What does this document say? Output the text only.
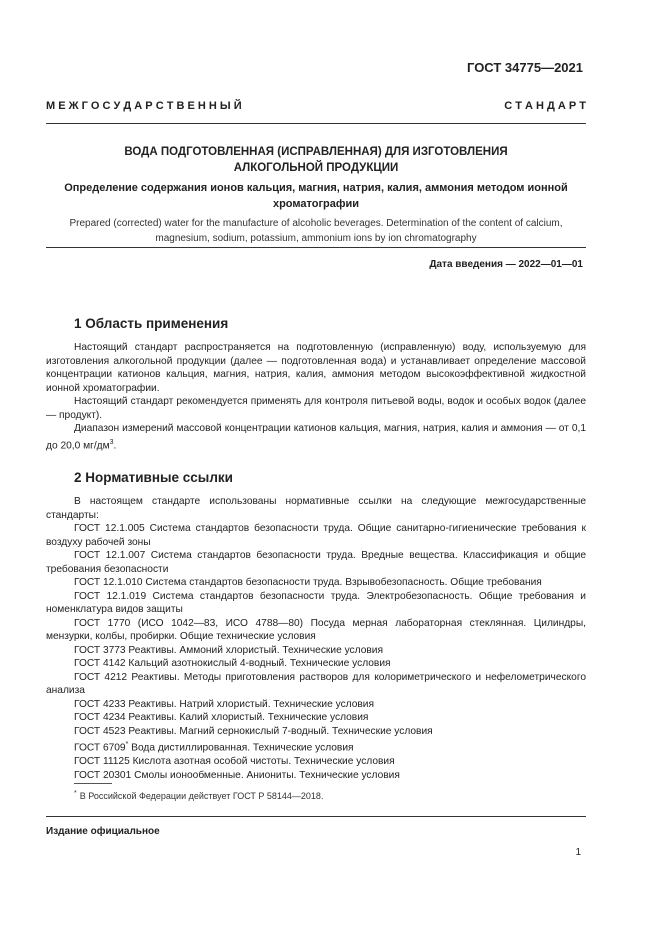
ГОСТ 34775—2021
М Е Ж Г О С У Д А Р С Т В Е Н Н Ы Й	С Т А Н Д А Р Т
ВОДА ПОДГОТОВЛЕННАЯ (ИСПРАВЛЕННАЯ) ДЛЯ ИЗГОТОВЛЕНИЯ
АЛКОГОЛЬНОЙ ПРОДУКЦИИ
Определение содержания ионов кальция, магния, натрия, калия, аммония методом ионной
хроматографии
Prepared (corrected) water for the manufacture of alcoholic beverages. Determination of the content of calcium,
magnesium, sodium, potassium, ammonium ions by ion chromatography
Дата введения — 2022—01—01
1 Область применения

Настоящий стандарт распространяется на подготовленную (исправленную) воду, используемую для изготовления алкогольной продукции (далее — подготовленная вода) и устанавливает определение массовой концентрации катионов кальция, магния, натрия, калия, аммония методом высокоэффективной жидкостной ионной хроматографии.

Настоящий стандарт рекомендуется применять для контроля питьевой воды, водок и особых водок (далее — продукт).

Диапазон измерений массовой концентрации катионов кальция, магния, натрия, калия и аммония — от 0,1 до 20,0 $мг/дм^3$.

2 Нормативные ссылки

В настоящем стандарте использованы нормативные ссылки на следующие межгосударственные стандарты:

ГОСТ 12.1.005 Система стандартов безопасности труда. Общие санитарно-гигиенические требования к воздуху рабочей зоны

ГОСТ 12.1.007 Система стандартов безопасности труда. Вредные вещества. Классификация и общие требования безопасности

ГОСТ 12.1.010 Система стандартов безопасности труда. Взрывобезопасность. Общие требования

ГОСТ 12.1.019 Система стандартов безопасности труда. Электробезопасность. Общие требования и номенклатура видов защиты

ГОСТ 1770 (ИСО 1042—83, ИСО 4788—80) Посуда мерная лабораторная стеклянная. Цилиндры, мензурки, колбы, пробирки. Общие технические условия

ГОСТ 3773 Реактивы. Аммоний хлористый. Технические условия

ГОСТ 4142 Кальций азотнокислый 4-водный. Технические условия

ГОСТ 4212 Реактивы. Методы приготовления растворов для колориметрического и нефелометрического анализа

ГОСТ 4233 Реактивы. Натрий хлористый. Технические условия

ГОСТ 4234 Реактивы. Калий хлористый. Технические условия

ГОСТ 4523 Реактивы. Магний сернокислый 7-водный. Технические условия

ГОСТ 6709* Вода дистиллированная. Технические условия

ГОСТ 11125 Кислота азотная особой чистоты. Технические условия

ГОСТ 20301 Смолы ионообменные. Аниониты. Технические условия

* В Российской Федерации действует ГОСТ Р 58144—2018.
Издание официальное
1
